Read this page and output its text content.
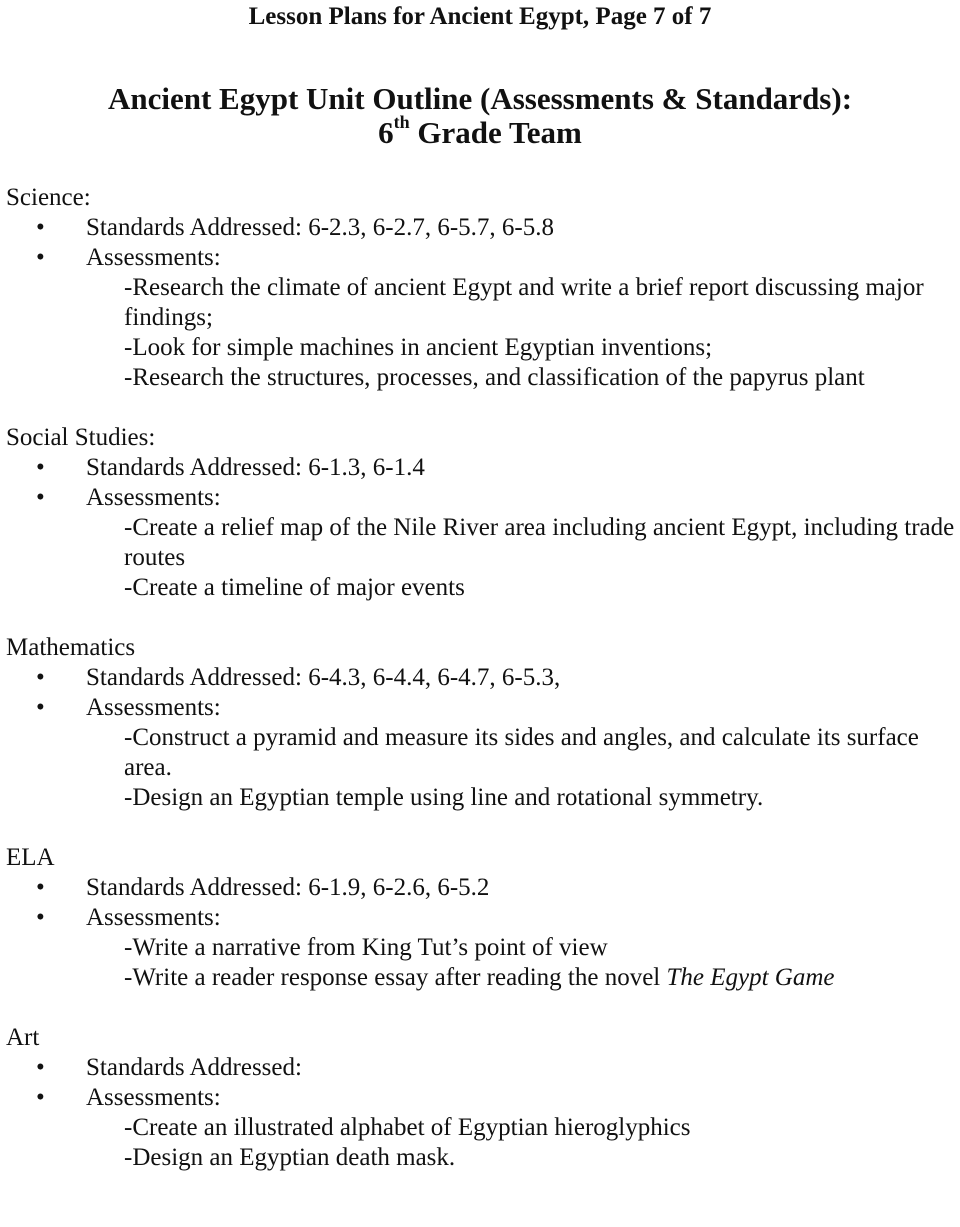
Lesson Plans for Ancient Egypt, Page 7 of 7
Ancient Egypt Unit Outline (Assessments & Standards):
6th Grade Team
Science:
• Standards Addressed: 6-2.3, 6-2.7, 6-5.7, 6-5.8
• Assessments:
-Research the climate of ancient Egypt and write a brief report discussing major findings;
-Look for simple machines in ancient Egyptian inventions;
-Research the structures, processes, and classification of the papyrus plant
Social Studies:
• Standards Addressed: 6-1.3, 6-1.4
• Assessments:
-Create a relief map of the Nile River area including ancient Egypt, including trade routes
-Create a timeline of major events
Mathematics
• Standards Addressed: 6-4.3, 6-4.4, 6-4.7, 6-5.3,
• Assessments:
-Construct a pyramid and measure its sides and angles, and calculate its surface area.
-Design an Egyptian temple using line and rotational symmetry.
ELA
• Standards Addressed: 6-1.9, 6-2.6, 6-5.2
• Assessments:
-Write a narrative from King Tut’s point of view
-Write a reader response essay after reading the novel The Egypt Game
Art
• Standards Addressed:
• Assessments:
-Create an illustrated alphabet of Egyptian hieroglyphics
-Design an Egyptian death mask.
